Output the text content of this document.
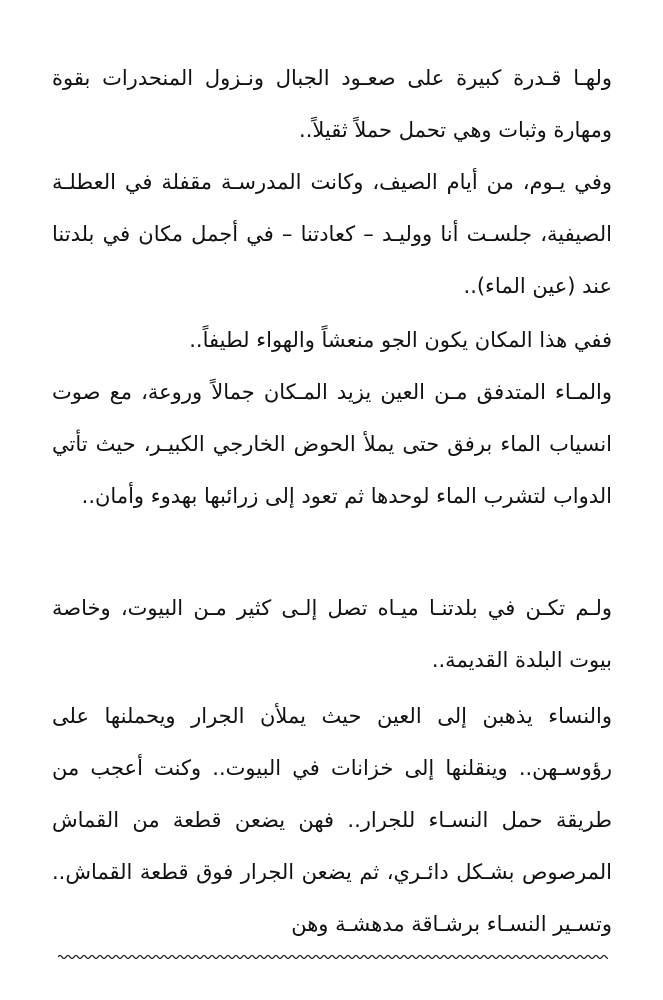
ولهـا قـدرة كبيرة على صعـود الجبال ونـزول المنحدرات بقوة ومهارة وثبات وهي تحمل حملاً ثقيلاً..

وفي يـوم، من أيام الصيف، وكانت المدرسـة مقفلة في العطلـة الصيفية، جلسـت أنا ووليـد – كعادتنا – في أجمل مكان في بلدتنا عند (عين الماء)..

ففي هذا المكان يكون الجو منعشاً والهواء لطيفاً..

والمـاء المتدفق مـن العين يزيد المـكان جمالاً وروعة، مع صوت انسياب الماء برفق حتى يملأ الحوض الخارجي الكبيـر، حيث تأتي الدواب لتشرب الماء لوحدها ثم تعود إلى زرائبها بهدوء وأمان..

ولـم تكـن في بلدتنـا ميـاه تصل إلـى كثير مـن البيوت، وخاصة بيوت البلدة القديمة..

والنساء يذهبن إلى العين حيث يملأن الجرار ويحملنها على رؤوسـهن.. وينقلنها إلى خزانات في البيوت.. وكنت أعجب من طريقة حمل النسـاء للجرار.. فهن يضعن قطعة من القماش المرصوص بشـكل دائـري، ثم يضعن الجرار فوق قطعة القماش.. وتسـير النسـاء برشـاقة مدهشـة وهن
